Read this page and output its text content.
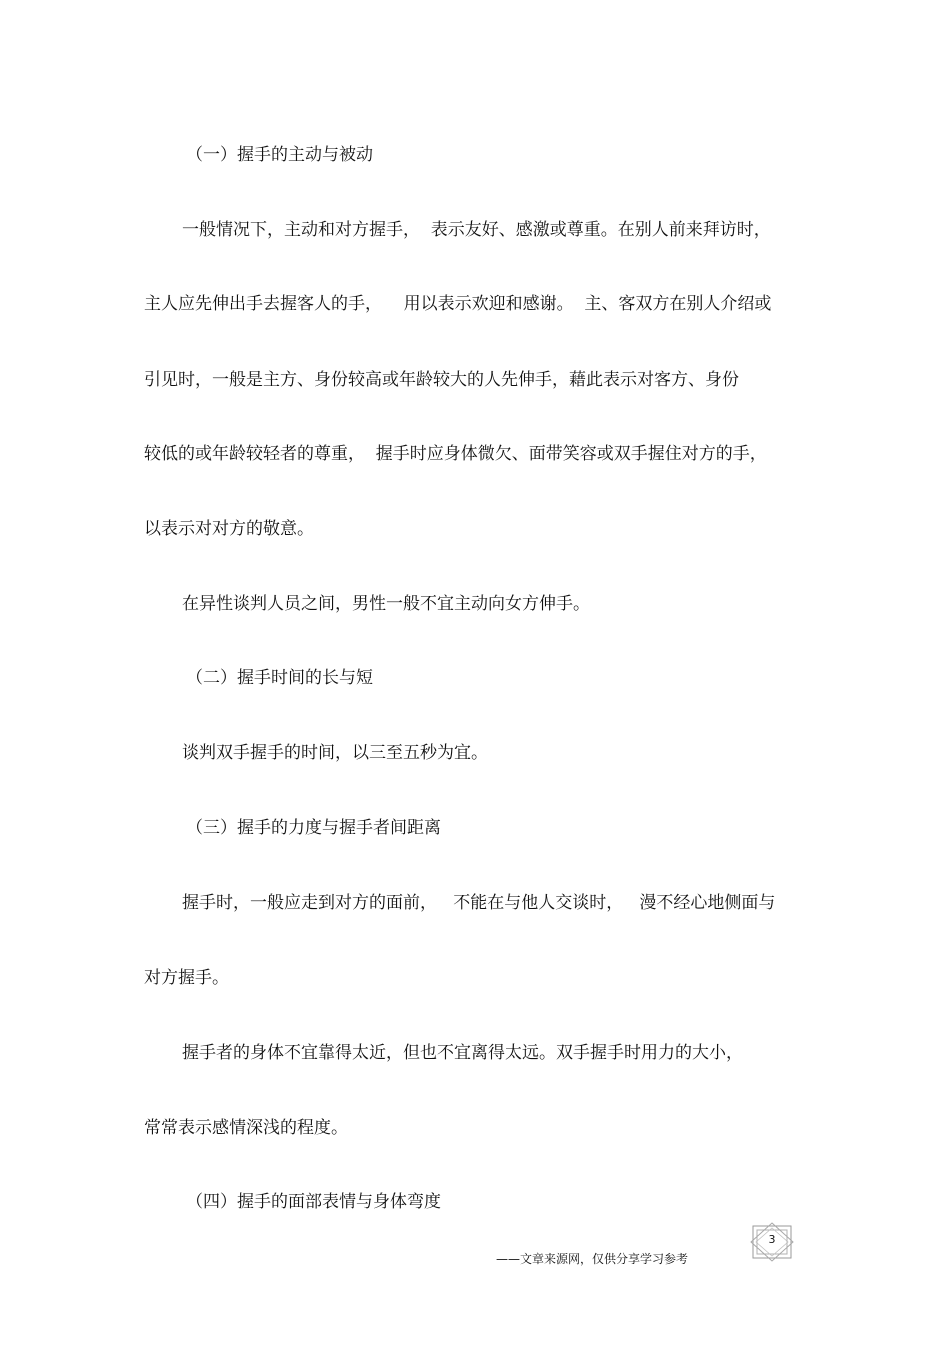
（一）握手的主动与被动
一般情况下，主动和对方握手，  表示友好、感激或尊重。在别人前来拜访时，
主人应先伸出手去握客人的手，    用以表示欢迎和感谢。  主、客双方在别人介绍或
引见时，一般是主方、身份较高或年龄较大的人先伸手，藉此表示对客方、身份
较低的或年龄较轻者的尊重，  握手时应身体微欠、面带笑容或双手握住对方的手，
以表示对对方的敬意。
在异性谈判人员之间，男性一般不宜主动向女方伸手。
（二）握手时间的长与短
谈判双手握手的时间，以三至五秒为宜。
（三）握手的力度与握手者间距离
握手时，一般应走到对方的面前，   不能在与他人交谈时，   漫不经心地侧面与
对方握手。
握手者的身体不宜靠得太近，但也不宜离得太远。双手握手时用力的大小，
常常表示感情深浅的程度。
（四）握手的面部表情与身体弯度
——文章来源网，仅供分享学习参考
3
